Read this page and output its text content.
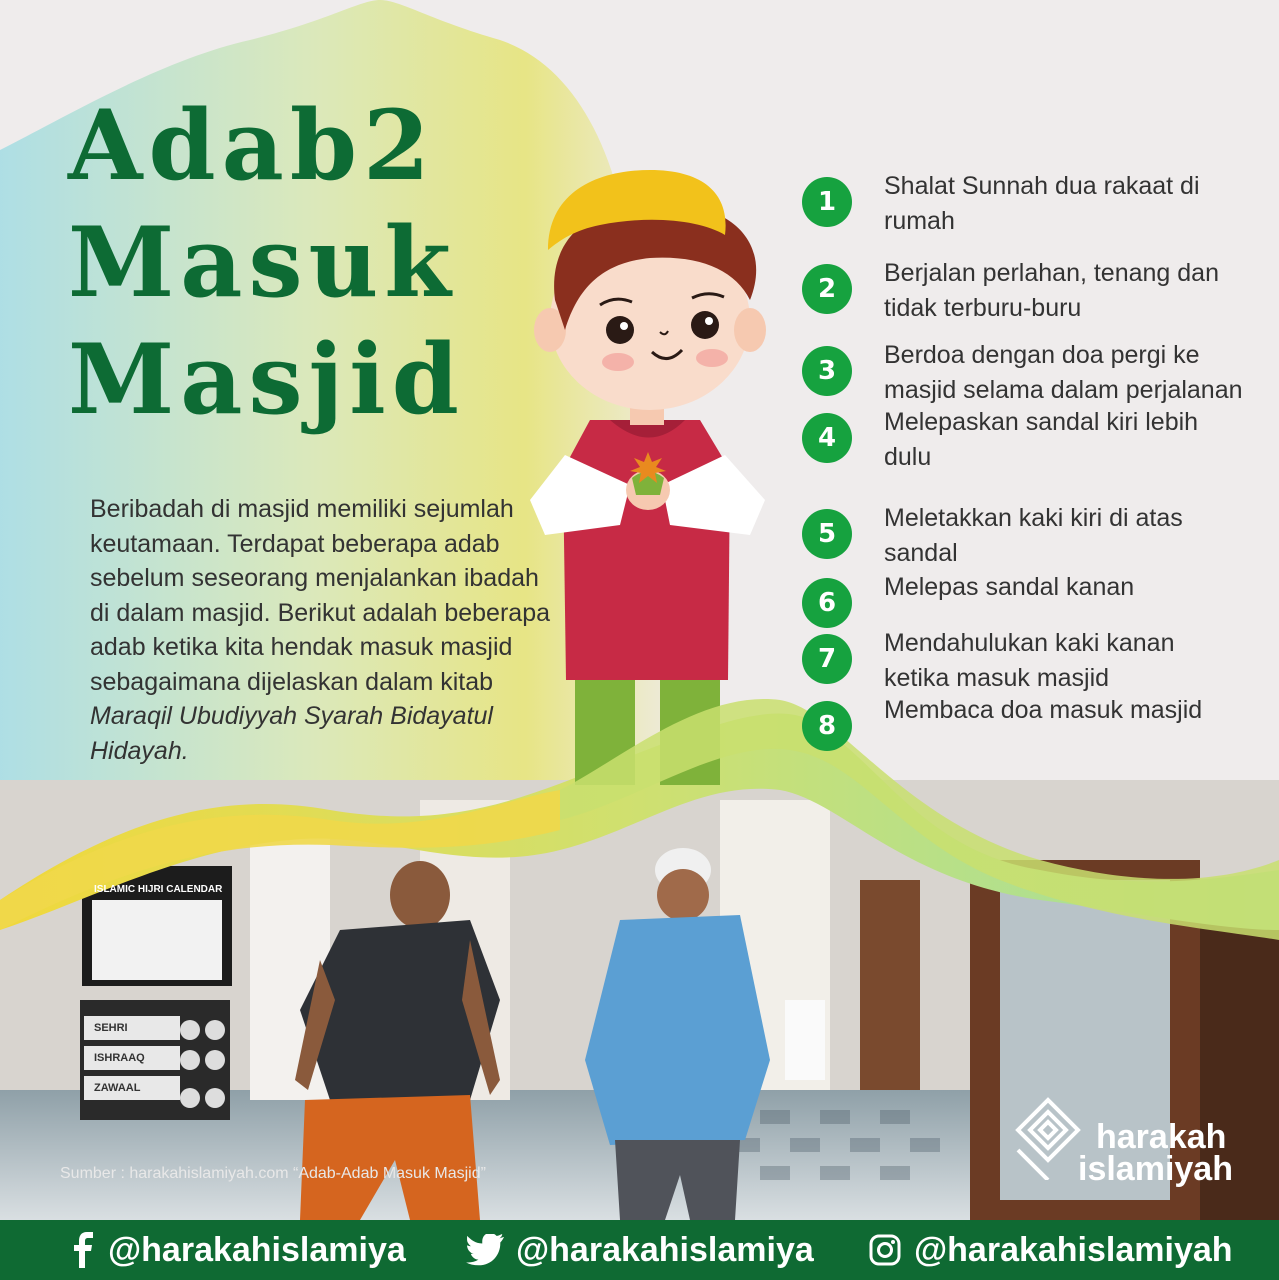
Adab2
Masuk
Masjid
Beribadah di masjid memiliki sejumlah keutamaan. Terdapat beberapa adab sebelum seseorang menjalankan ibadah di dalam masjid. Berikut adalah beberapa adab ketika kita hendak masuk masjid sebagaimana dijelaskan dalam kitab Maraqil Ubudiyyah Syarah Bidayatul Hidayah.
1
Shalat Sunnah dua rakaat di rumah
2
Berjalan perlahan, tenang dan tidak terburu-buru
3
Berdoa dengan doa pergi ke masjid selama dalam perjalanan
4
Melepaskan sandal kiri lebih dulu
5
Meletakkan kaki kiri di atas sandal
6
Melepas sandal kanan
7
Mendahulukan kaki kanan ketika masuk masjid
8
Membaca doa masuk masjid
ISLAMIC HIJRI CALENDAR
SEHRI
ISHRAAQ
ZAWAAL
Sumber : harakahislamiyah.com “Adab-Adab Masuk Masjid”
harakah
islamiyah
@harakahislamiya	@harakahislamiya	@harakahislamiyah
